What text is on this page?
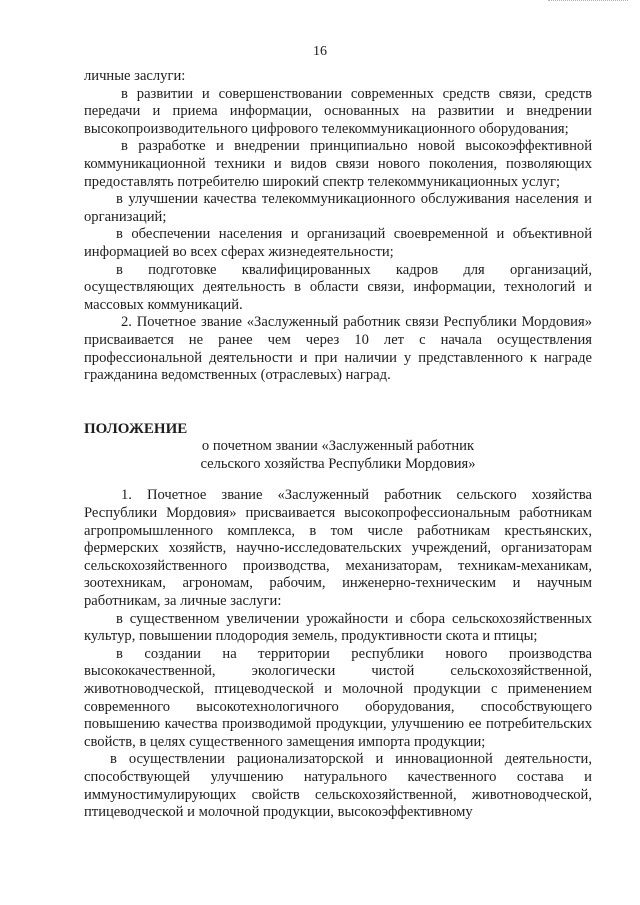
16

личные заслуги:

в развитии и совершенствовании современных средств связи, средств передачи и приема информации, основанных на развитии и внедрении высокопроизводительного цифрового телекоммуникационного оборудования;

в разработке и внедрении принципиально новой высокоэффективной коммуникационной техники и видов связи нового поколения, позволяющих предоставлять потребителю широкий спектр телекоммуникационных услуг;

в улучшении качества телекоммуникационного обслуживания населения и организаций;

в обеспечении населения и организаций своевременной и объективной информацией во всех сферах жизнедеятельности;

в подготовке квалифицированных кадров для организаций, осуществляющих деятельность в области связи, информации, технологий и массовых коммуникаций.

2. Почетное звание «Заслуженный работник связи Республики Мордовия» присваивается не ранее чем через 10 лет с начала осуществления профессиональной деятельности и при наличии у представленного к награде гражданина ведомственных (отраслевых) наград.

ПОЛОЖЕНИЕ

о почетном звании «Заслуженный работник

сельского хозяйства Республики Мордовия»

1. Почетное звание «Заслуженный работник сельского хозяйства Республики Мордовия» присваивается высокопрофессиональным работникам агропромышленного комплекса, в том числе работникам крестьянских, фермерских хозяйств, научно-исследовательских учреждений, организаторам сельскохозяйственного производства, механизаторам, техникам-механикам, зоотехникам, агрономам, рабочим, инженерно-техническим и научным работникам, за личные заслуги:

в существенном увеличении урожайности и сбора сельскохозяйственных культур, повышении плодородия земель, продуктивности скота и птицы;

в создании на территории республики нового производства высококачественной, экологически чистой сельскохозяйственной, животноводческой, птицеводческой и молочной продукции с применением современного высокотехнологичного оборудования, способствующего повышению качества производимой продукции, улучшению ее потребительских свойств, в целях существенного замещения импорта продукции;

в осуществлении рационализаторской и инновационной деятельности, способствующей улучшению натурального качественного состава и иммуностимулирующих свойств сельскохозяйственной, животноводческой, птицеводческой и молочной продукции, высокоэффективному
